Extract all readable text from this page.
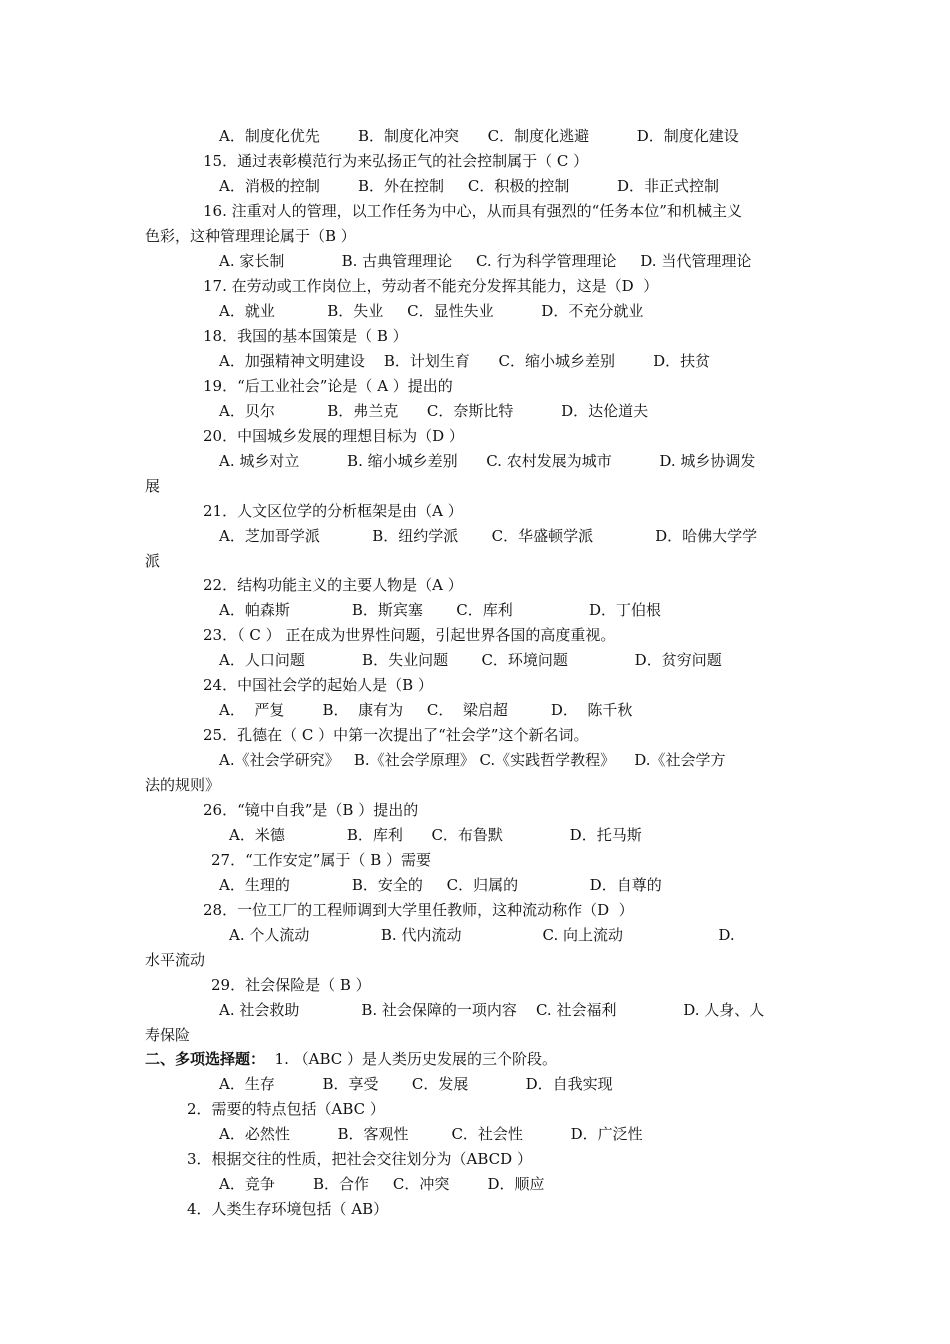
A．制度化优先        B．制度化冲突      C．制度化逃避          D．制度化建设
15．通过表彰模范行为来弘扬正气的社会控制属于（ C ）
A．消极的控制        B．外在控制     C．积极的控制          D．非正式控制
16. 注重对人的管理，以工作任务为中心，从而具有强烈的“任务本位”和机械主义
色彩，这种管理理论属于（B ）
A. 家长制            B. 古典管理理论     C. 行为科学管理理论     D. 当代管理理论
17. 在劳动或工作岗位上，劳动者不能充分发挥其能力，这是（D  ）
A．就业           B．失业     C．显性失业          D．不充分就业
18．我国的基本国策是（ B ）
A．加强精神文明建设    B．计划生育      C．缩小城乡差别        D．扶贫
19．“后工业社会”论是（ A ）提出的
A．贝尔           B．弗兰克      C．奈斯比特          D．达伦道夫
20．中国城乡发展的理想目标为（D ）
A. 城乡对立          B. 缩小城乡差别      C. 农村发展为城市          D. 城乡协调发
展
21．人文区位学的分析框架是由（A ）
A．芝加哥学派           B．纽约学派       C．华盛顿学派             D．哈佛大学学
派
22．结构功能主义的主要人物是（A ）
A．帕森斯             B．斯宾塞       C．库利                D．丁伯根
23．（ C ） 正在成为世界性问题，引起世界各国的高度重视。
A．人口问题            B．失业问题       C．环境问题              D．贫穷问题
24．中国社会学的起始人是（B ）
A．  严复        B．  康有为     C．  梁启超         D．  陈千秋
25．孔德在（ C ）中第一次提出了“社会学”这个新名词。
A.《社会学研究》   B.《社会学原理》 C.《实践哲学教程》    D.《社会学方
法的规则》
26．“镜中自我”是（B ）提出的
A．米德             B．库利      C．布鲁默              D．托马斯
27．“工作安定”属于（ B ）需要
A．生理的             B．安全的     C．归属的               D．自尊的
28．一位工厂的工程师调到大学里任教师，这种流动称作（D  ）
A. 个人流动               B. 代内流动                 C. 向上流动                    D.
水平流动
29．社会保险是（ B ）
A. 社会救助             B. 社会保障的一项内容    C. 社会福利              D. 人身、人
寿保险
二、多项选择题：  1. （ABC ）是人类历史发展的三个阶段。
A．生存          B．享受       C．发展            D．自我实现
2．需要的特点包括（ABC ）
A．必然性          B．客观性         C．社会性          D．广泛性
3．根据交往的性质，把社会交往划分为（ABCD ）
A．竞争        B．合作     C．冲突        D．顺应
4．人类生存环境包括（ AB）
